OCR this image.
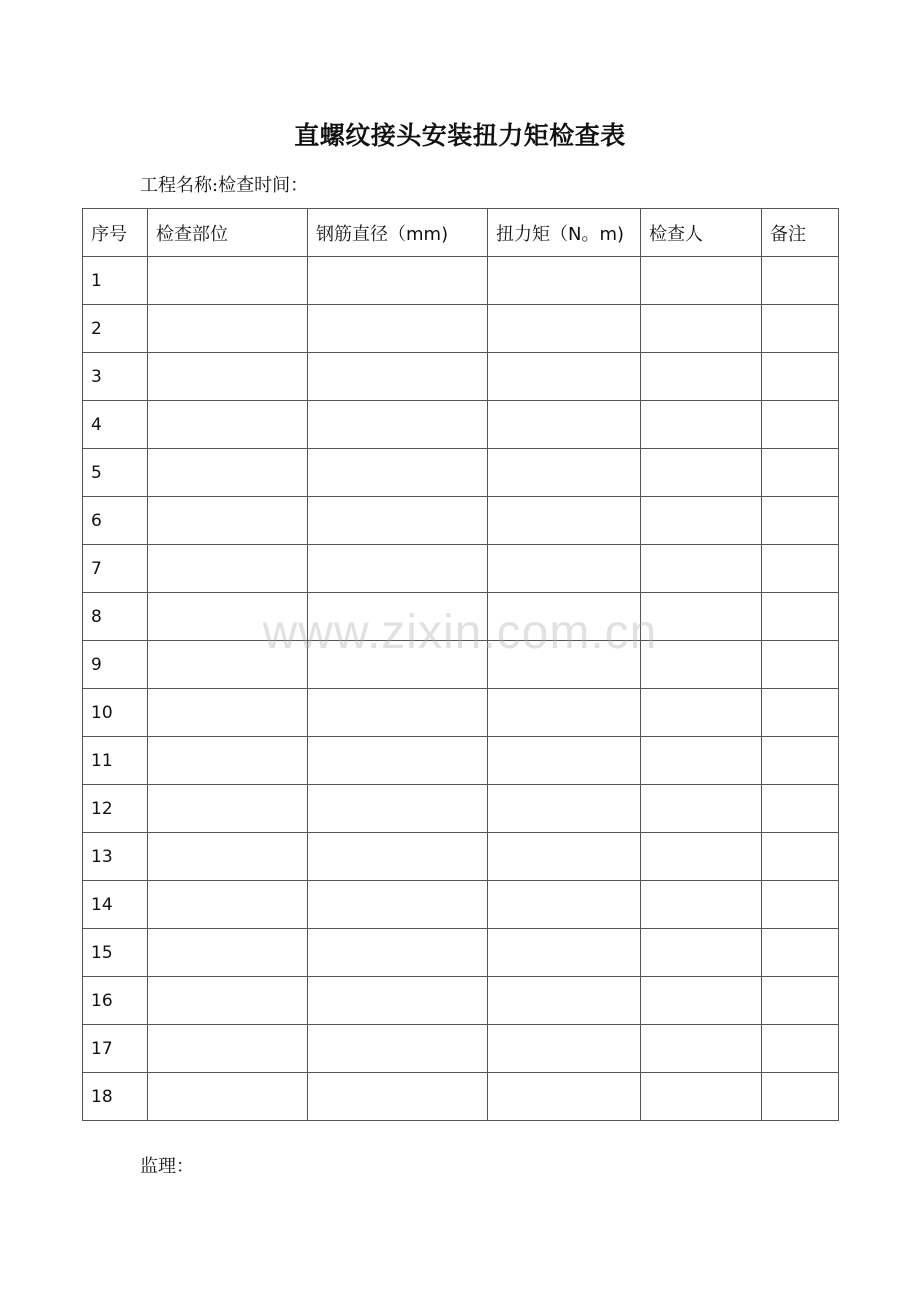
直螺纹接头安装扭力矩检查表
工程名称:检查时间：
序号	检查部位	钢筋直径（mm)	扭力矩（N。m)	检查人	备注
1					
2					
3					
4					
5					
6					
7					
8					
9					
10					
11					
12					
13					
14					
15					
16					
17					
18					
监理：
www.zixin.com.cn
